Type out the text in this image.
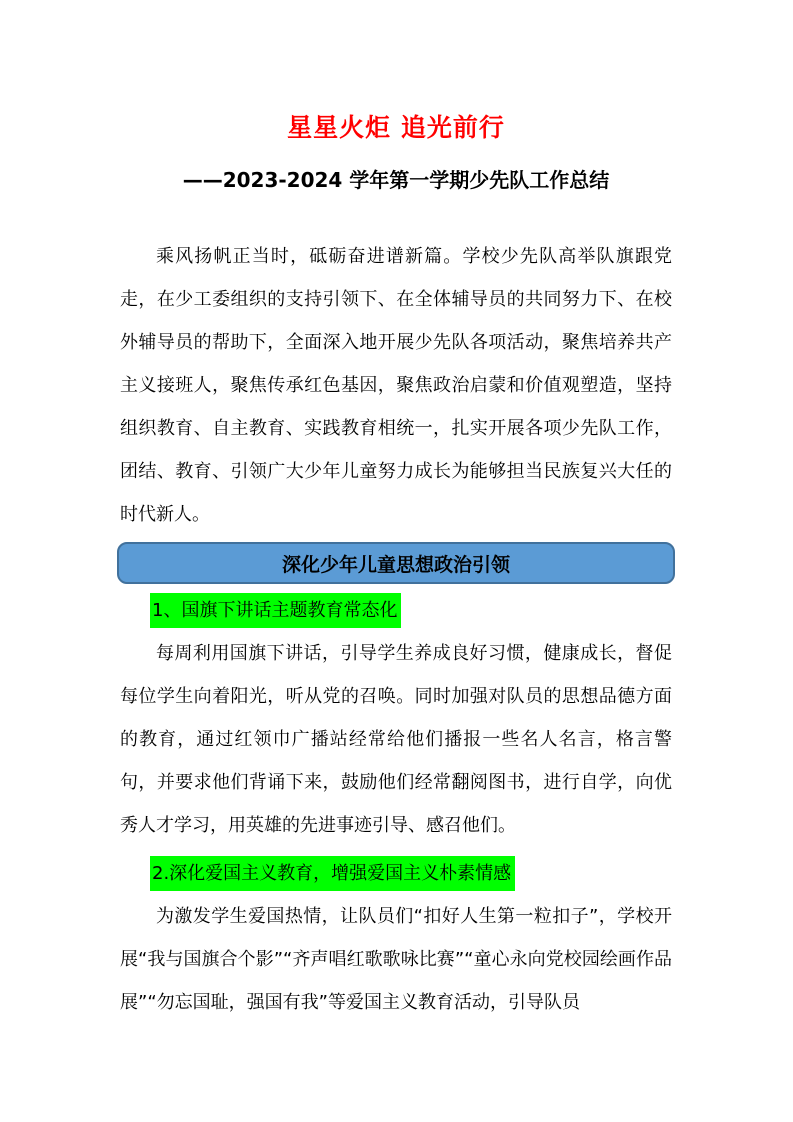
星星火炬 追光前行
——2023-2024 学年第一学期少先队工作总结

乘风扬帆正当时，砥砺奋进谱新篇。学校少先队高举队旗跟党走，在少工委组织的支持引领下、在全体辅导员的共同努力下、在校外辅导员的帮助下，全面深入地开展少先队各项活动，聚焦培养共产主义接班人，聚焦传承红色基因，聚焦政治启蒙和价值观塑造，坚持组织教育、自主教育、实践教育相统一，扎实开展各项少先队工作，团结、教育、引领广大少年儿童努力成长为能够担当民族复兴大任的时代新人。

深化少年儿童思想政治引领
1、国旗下讲话主题教育常态化

每周利用国旗下讲话，引导学生养成良好习惯，健康成长，督促每位学生向着阳光，听从党的召唤。同时加强对队员的思想品德方面的教育，通过红领巾广播站经常给他们播报一些名人名言，格言警句，并要求他们背诵下来，鼓励他们经常翻阅图书，进行自学，向优秀人才学习，用英雄的先进事迹引导、感召他们。

2.深化爱国主义教育，增强爱国主义朴素情感

为激发学生爱国热情，让队员们“扣好人生第一粒扣子”，学校开展“我与国旗合个影”“齐声唱红歌歌咏比赛”“童心永向党校园绘画作品展”“勿忘国耻，强国有我”等爱国主义教育活动，引导队员
